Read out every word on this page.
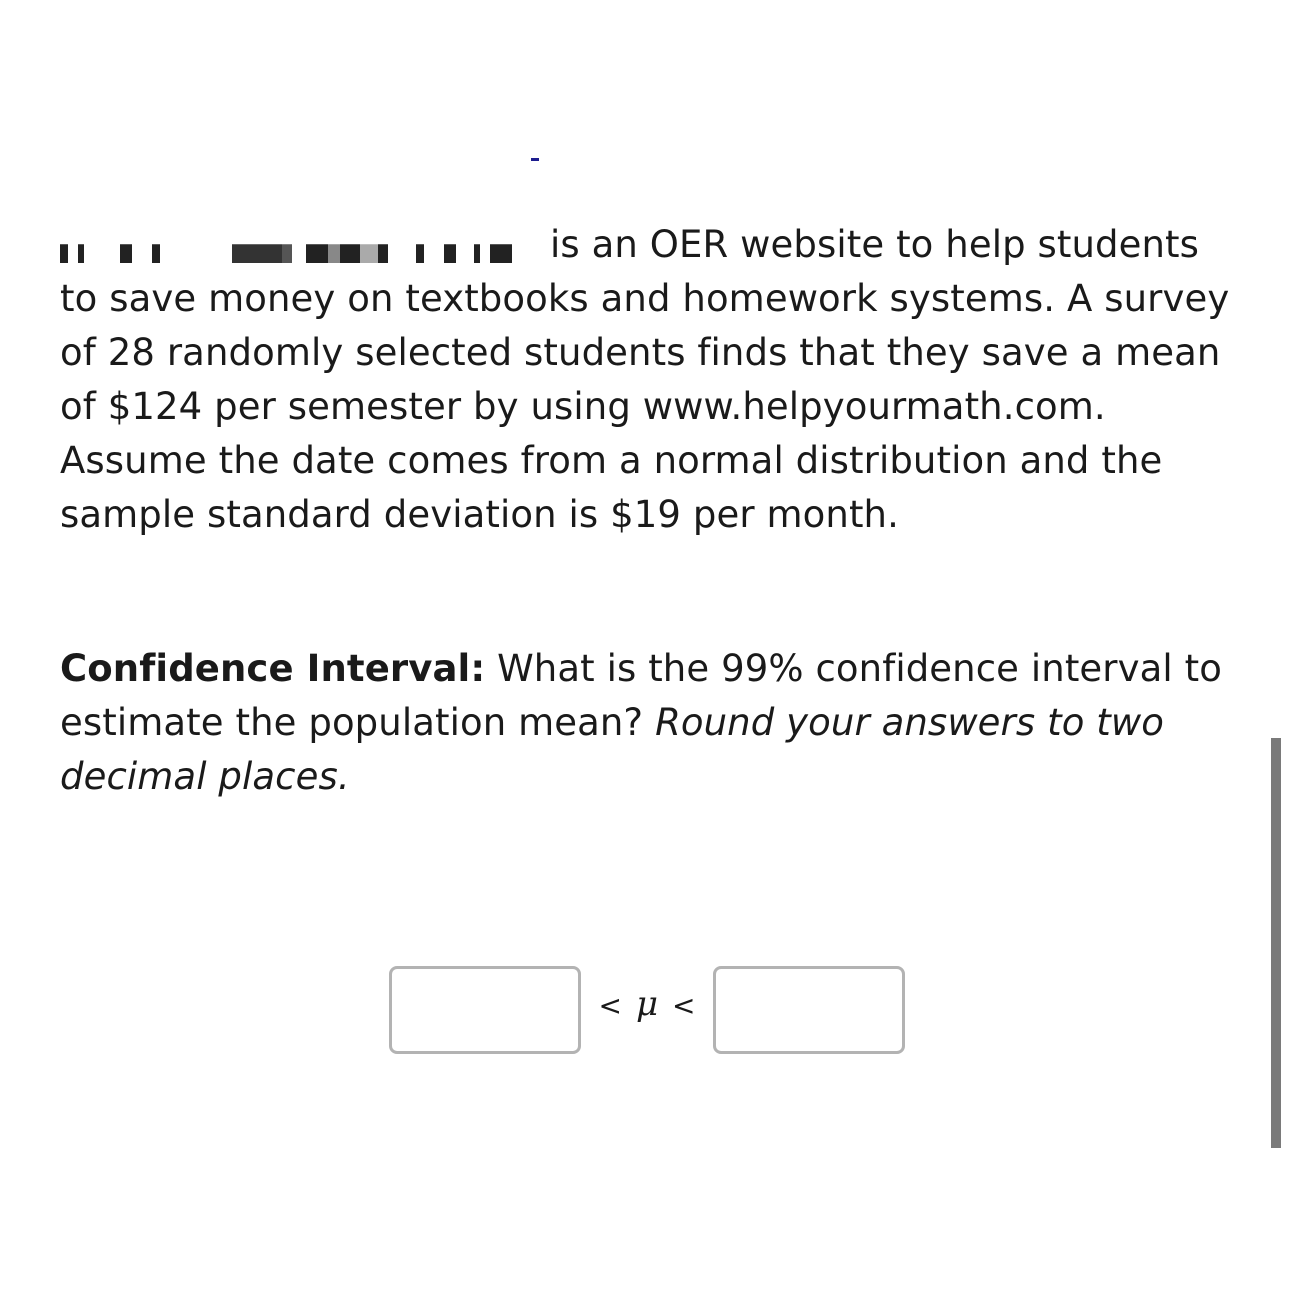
is an OER website to help students to save money on textbooks and homework systems. A survey of 28 randomly selected students finds that they save a mean of $124 per semester by using www.helpyourmath.com. Assume the date comes from a normal distribution and the sample standard deviation is $19 per month.

Confidence Interval: What is the 99% confidence interval to estimate the population mean? Round your answers to two decimal places.

< μ <
